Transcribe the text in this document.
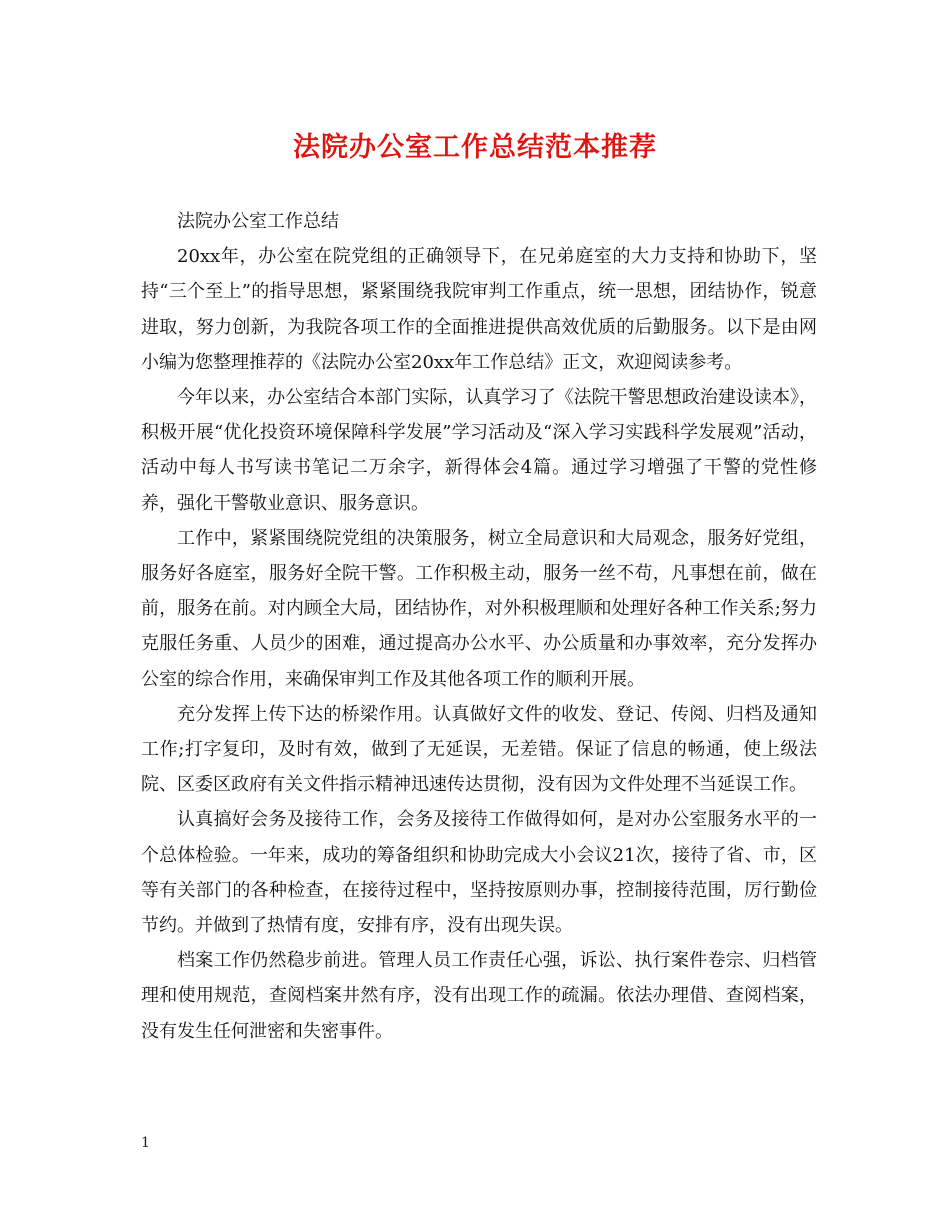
法院办公室工作总结范本推荐

法院办公室工作总结

20xx年，办公室在院党组的正确领导下，在兄弟庭室的大力支持和协助下，坚持“三个至上”的指导思想，紧紧围绕我院审判工作重点，统一思想，团结协作，锐意进取，努力创新，为我院各项工作的全面推进提供高效优质的后勤服务。以下是由网小编为您整理推荐的《法院办公室20xx年工作总结》正文，欢迎阅读参考。

今年以来，办公室结合本部门实际，认真学习了《法院干警思想政治建设读本》，积极开展“优化投资环境保障科学发展”学习活动及“深入学习实践科学发展观”活动，活动中每人书写读书笔记二万余字，新得体会4篇。通过学习增强了干警的党性修养，强化干警敬业意识、服务意识。

工作中，紧紧围绕院党组的决策服务，树立全局意识和大局观念，服务好党组，服务好各庭室，服务好全院干警。工作积极主动，服务一丝不苟，凡事想在前，做在前，服务在前。对内顾全大局，团结协作，对外积极理顺和处理好各种工作关系;努力克服任务重、人员少的困难，通过提高办公水平、办公质量和办事效率，充分发挥办公室的综合作用，来确保审判工作及其他各项工作的顺利开展。

充分发挥上传下达的桥梁作用。认真做好文件的收发、登记、传阅、归档及通知工作;打字复印，及时有效，做到了无延误，无差错。保证了信息的畅通，使上级法院、区委区政府有关文件指示精神迅速传达贯彻，没有因为文件处理不当延误工作。

认真搞好会务及接待工作，会务及接待工作做得如何，是对办公室服务水平的一个总体检验。一年来，成功的筹备组织和协助完成大小会议21次，接待了省、市，区等有关部门的各种检查，在接待过程中，坚持按原则办事，控制接待范围，厉行勤俭节约。并做到了热情有度，安排有序，没有出现失误。

档案工作仍然稳步前进。管理人员工作责任心强，诉讼、执行案件卷宗、归档管理和使用规范，查阅档案井然有序，没有出现工作的疏漏。依法办理借、查阅档案，没有发生任何泄密和失密事件。

1
